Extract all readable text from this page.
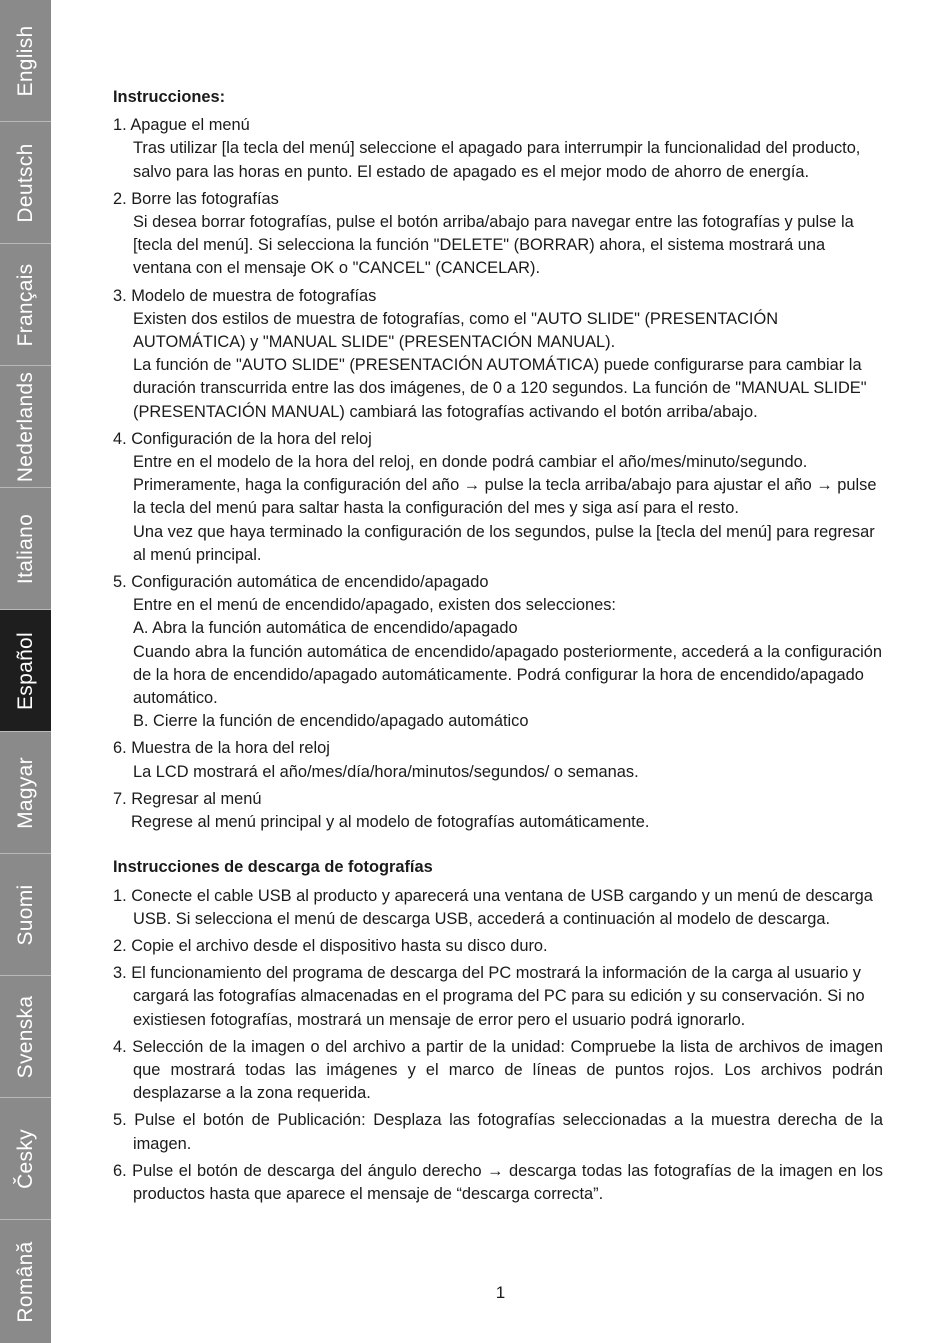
English
Deutsch
Français
Nederlands
Italiano
Español
Magyar
Suomi
Svenska
Česky
Română
Instrucciones:
1. Apague el menú

Tras utilizar [la tecla del menú] seleccione el apagado para interrumpir la funcionalidad del producto, salvo para las horas en punto. El estado de apagado es el mejor modo de ahorro de energía.

2. Borre las fotografías

Si desea borrar fotografías, pulse el botón arriba/abajo para navegar entre las fotografías y pulse la [tecla del menú]. Si selecciona la función "DELETE" (BORRAR) ahora, el sistema mostrará una ventana con el mensaje OK o "CANCEL" (CANCELAR).

3. Modelo de muestra de fotografías

Existen dos estilos de muestra de fotografías, como el "AUTO SLIDE" (PRESENTACIÓN AUTOMÁTICA) y "MANUAL SLIDE" (PRESENTACIÓN MANUAL).

La función de "AUTO SLIDE" (PRESENTACIÓN AUTOMÁTICA) puede configurarse para cambiar la duración transcurrida entre las dos imágenes, de 0 a 120 segundos. La función de "MANUAL SLIDE" (PRESENTACIÓN MANUAL) cambiará las fotografías activando el botón arriba/abajo.

4. Configuración de la hora del reloj

Entre en el modelo de la hora del reloj, en donde podrá cambiar el año/mes/minuto/segundo. Primeramente, haga la configuración del año → pulse la tecla arriba/abajo para ajustar el año → pulse la tecla del menú para saltar hasta la configuración del mes y siga así para el resto.

Una vez que haya terminado la configuración de los segundos, pulse la [tecla del menú] para regresar al menú principal.

5. Configuración automática de encendido/apagado

Entre en el menú de encendido/apagado, existen dos selecciones:

A. Abra la función automática de encendido/apagado

Cuando abra la función automática de encendido/apagado posteriormente, accederá a la configuración de la hora de encendido/apagado automáticamente. Podrá configurar la hora de encendido/apagado automático.

B. Cierre la función de encendido/apagado automático

6. Muestra de la hora del reloj

La LCD mostrará el año/mes/día/hora/minutos/segundos/ o semanas.

7. Regresar al menú

Regrese al menú principal y al modelo de fotografías automáticamente.

Instrucciones de descarga de fotografías
1. Conecte el cable USB al producto y aparecerá una ventana de USB cargando y un menú de descarga USB. Si selecciona el menú de descarga USB, accederá a continuación al modelo de descarga.
2. Copie el archivo desde el dispositivo hasta su disco duro.
3. El funcionamiento del programa de descarga del PC mostrará la información de la carga al usuario y cargará las fotografías almacenadas en el programa del PC para su edición y su conservación. Si no existiesen fotografías, mostrará un mensaje de error pero el usuario podrá ignorarlo.
4. Selección de la imagen o del archivo a partir de la unidad: Compruebe la lista de archivos de imagen que mostrará todas las imágenes y el marco de líneas de puntos rojos. Los archivos podrán desplazarse a la zona requerida.
5. Pulse el botón de Publicación: Desplaza las fotografías seleccionadas a la muestra derecha de la imagen.
6. Pulse el botón de descarga del ángulo derecho → descarga todas las fotografías de la imagen en los productos hasta que aparece el mensaje de “descarga correcta”.
1
